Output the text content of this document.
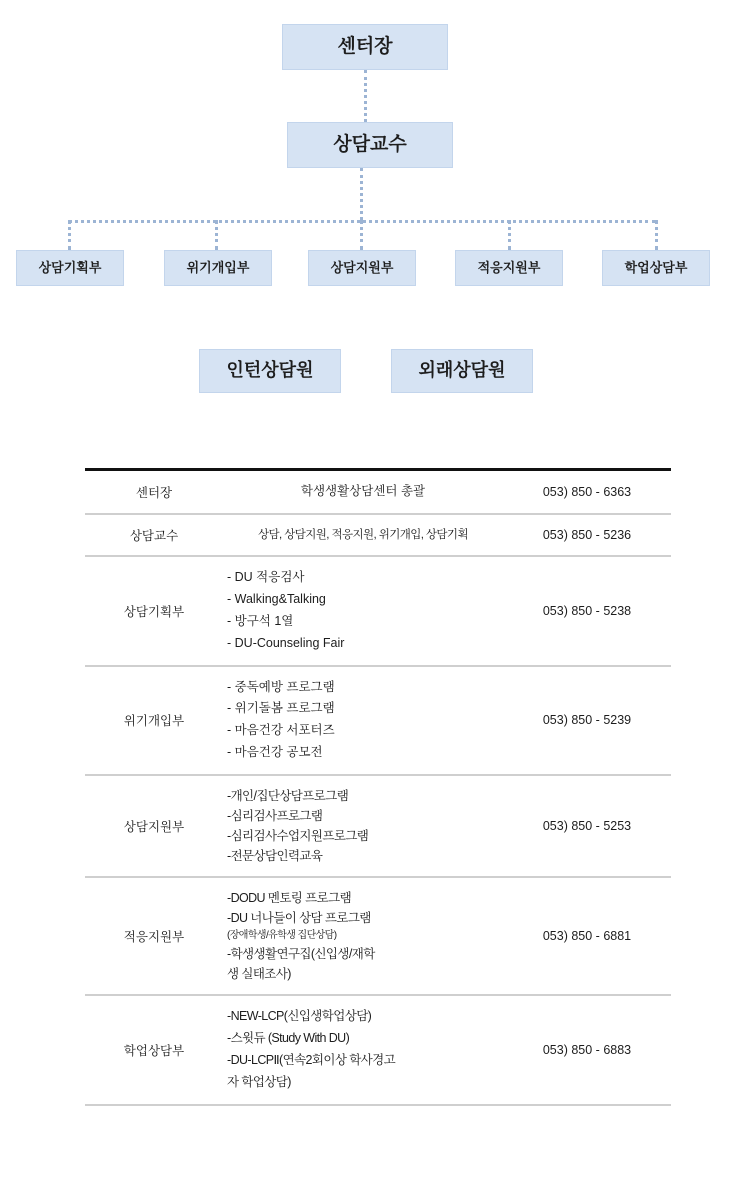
센터장
상담교수
상담기획부	위기개입부	상담지원부	적응지원부	학업상담부
인턴상담원	외래상담원
센터장	학생생활상담센터 총괄	053) 850 - 6363
상담교수	상담, 상담지원, 적응지원, 위기개입, 상담기획	053) 850 - 5236
상담기획부	- DU 적응검사
- Walking&Talking
- 방구석 1열
- DU-Counseling Fair	053) 850 - 5238
위기개입부	- 중독예방 프로그램
- 위기돌봄 프로그램
- 마음건강 서포터즈
- 마음건강 공모전	053) 850 - 5239
상담지원부	-개인/집단상담프로그램
-심리검사프로그램
-심리검사수업지원프로그램
-전문상담인력교육	053) 850 - 5253
적응지원부	-DODU 멘토링 프로그램
-DU 너나들이 상담 프로그램
(장애학생/유학생 집단상담)
-학생생활연구집(신입생/재학
생 실태조사)	053) 850 - 6881
학업상담부	-NEW-LCP(신입생학업상담)
-스윗듀 (Study With DU)
-DU-LCPⅡ(연속2회이상 학사경고
자 학업상담)	053) 850 - 6883
